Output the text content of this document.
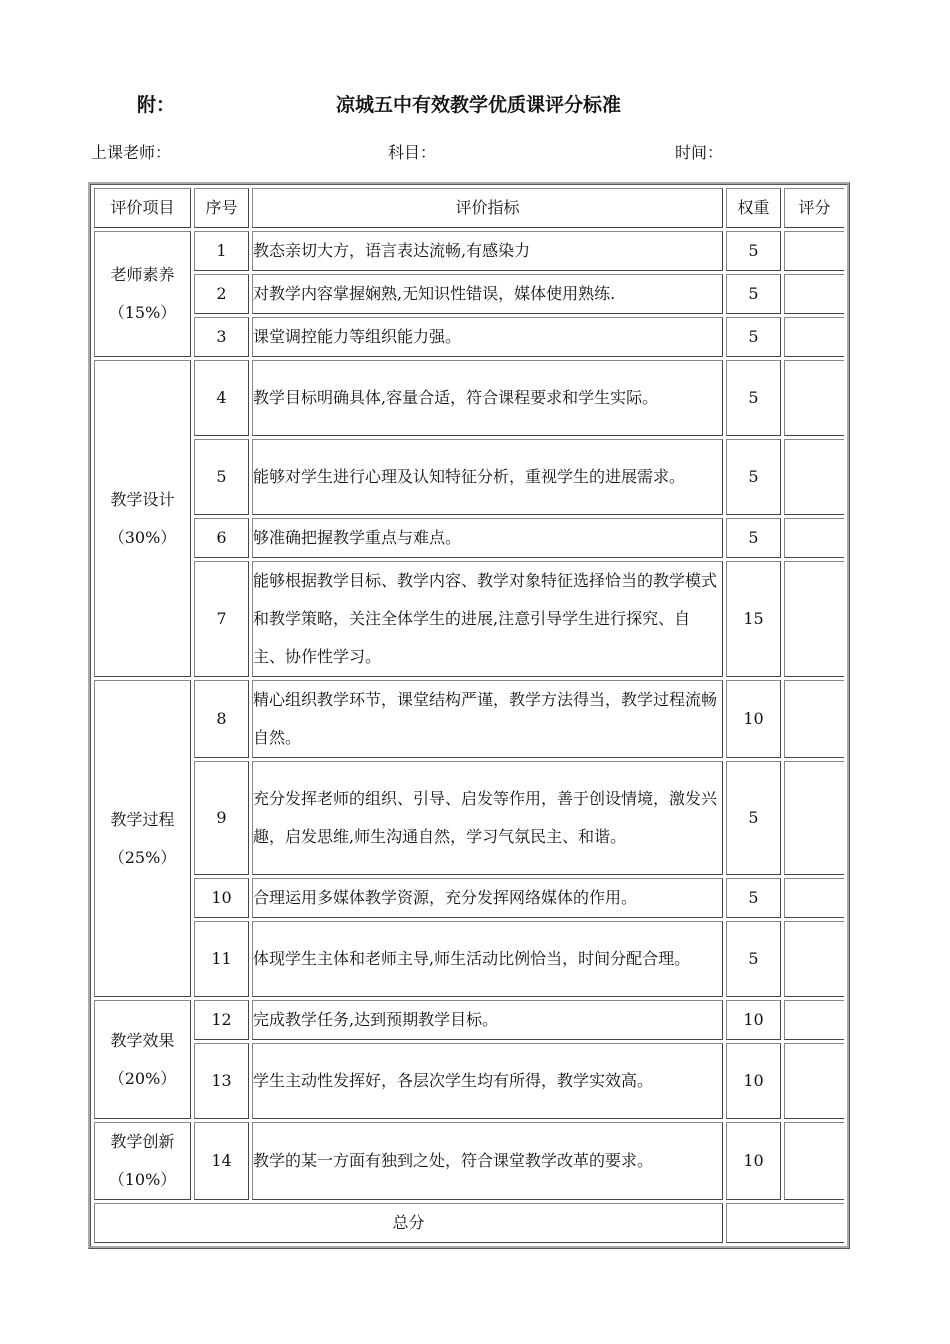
附：	凉城五中有效教学优质课评分标准
上课老师：	科目：	时间：
评价项目	序号	评价指标	权重	评分

老师素养
（15%）	1	教态亲切大方，语言表达流畅,有感染力	5	
	2	对教学内容掌握娴熟,无知识性错误，媒体使用熟练.	5	
	3	课堂调控能力等组织能力强。	5	

教学设计
（30%）	4	教学目标明确具体,容量合适，符合课程要求和学生实际。	5	
	5	能够对学生进行心理及认知特征分析，重视学生的进展需求。	5	
	6	够准确把握教学重点与难点。	5	
	7	能够根据教学目标、教学内容、教学对象特征选择恰当的教学模式和教学策略，关注全体学生的进展,注意引导学生进行探究、自主、协作性学习。	15	

教学过程
（25%）	8	精心组织教学环节，课堂结构严谨，教学方法得当，教学过程流畅自然。	10	
	9	充分发挥老师的组织、引导、启发等作用，善于创设情境，激发兴趣，启发思维,师生沟通自然，学习气氛民主、和谐。	5	
	10	合理运用多媒体教学资源，充分发挥网络媒体的作用。	5	
	11	体现学生主体和老师主导,师生活动比例恰当，时间分配合理。	5	

教学效果
（20%）	12	完成教学任务,达到预期教学目标。	10	
	13	学生主动性发挥好，各层次学生均有所得，教学实效高。	10	

教学创新
（10%）	14	教学的某一方面有独到之处，符合课堂教学改革的要求。	10	
总分				
